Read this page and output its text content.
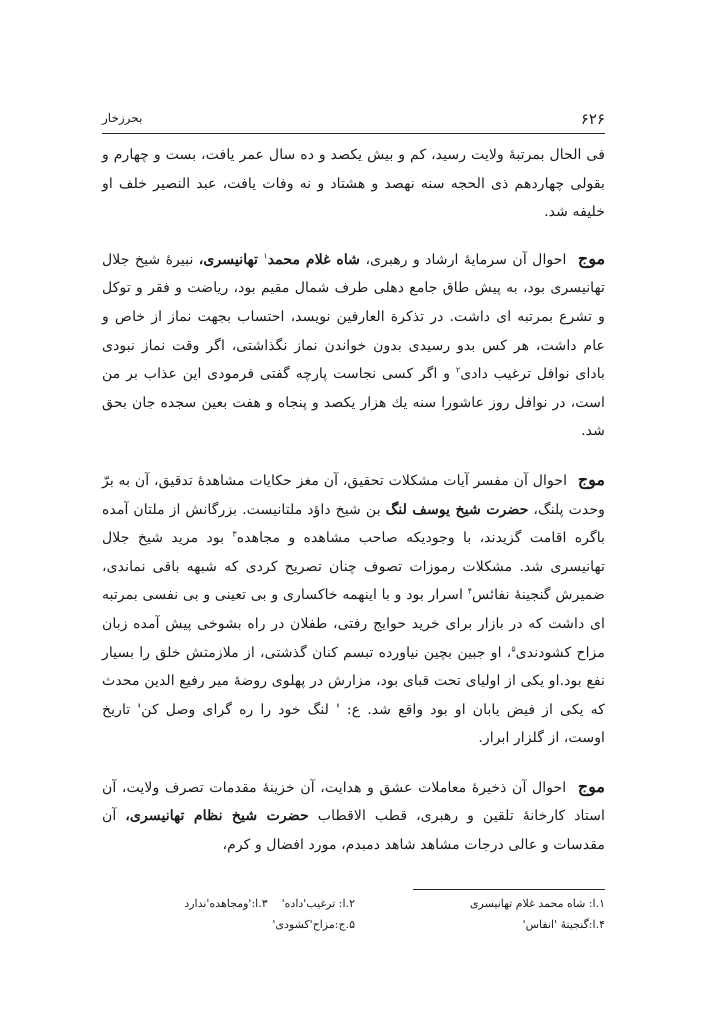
۶۲۶
بحرزخار

فی الحال بمرتبهٔ ولایت رسید، کم و بیش یکصد و ده سال عمر یافت، بست و چهارم و بقولی چهاردهم ذی الحجه سنه نهصد و هشتاد و نه وفات یافت، عبد النصیر خلف او خلیفه شد.

موج احوال آن سرمایهٔ ارشاد و رهبری، شاه غلام محمد$^۱$ تهانیسری، نبیرهٔ شیخ جلال تهانیسری بود، به پیش طاق جامع دهلی طرف شمال مقیم بود، ریاضت و فقر و توکل و تشرع بمرتبه ای داشت. در تذکرة العارفین نویسد، احتساب بجهت نماز از خاص و عام داشت، هر کس بدو رسیدی بدون خواندن نماز نگذاشتی، اگر وقت نماز نبودی بادای نوافل ترغیب دادی$^۲$ و اگر کسی نجاست پارچه گفتی فرمودی این عذاب بر من است، در نوافل روز عاشورا سنه یك هزار یکصد و پنجاه و هفت بعین سجده جان بحق شد.

موج احوال آن مفسر آیات مشکلات تحقیق، آن مغز حکایات مشاهدهٔ تدقیق، آن به برّ وحدت پلنگ، حضرت شیخ یوسف لنگ بن شیخ داؤد ملتانیست. بزرگانش از ملتان آمده باگره اقامت گزیدند، با وجودیکه صاحب مشاهده و مجاهده$^۳$ بود مرید شیخ جلال تهانیسری شد. مشکلات رموزات تصوف چنان تصریح کردی که شبهه باقی نماندی، ضمیرش گنجینهٔ نفائس$^۴$ اسرار بود و با اینهمه خاکساری و بی تعینی و بی نفسی بمرتبه ای داشت که در بازار برای خرید حوایج رفتی، طفلان در راه بشوخی پیش آمده زبان مزاح کشودندی$^۵$، او جبین بچین نیاورده تبسم کنان گذشتی، از ملازمتش خلق را بسیار نفع بود.او یکی از اولیای تحت قبای بود، مزارش در پهلوی روضهٔ میر رفیع الدین محدث که یکی از فیض یابان او بود واقع شد. ع: ' لنگ خود را ره گرای وصل کن' تاریخ اوست، از گلزار ابرار.

موج احوال آن ذخیرهٔ معاملات عشق و هدایت، آن خزینهٔ مقدمات تصرف ولایت، آن استاد کارخانهٔ تلقین و رهبری، قطب الاقطاب حضرت شیخ نظام تهانیسری، آن مقدسات و عالی درجات مشاهد شاهد دمبدم، مورد افضال و کرم،

۱.ا: شاه محمد غلام تهانیسری
۲.ا: ترغیب'داده'    ۳.ا:'ومجاهده'ندارد
۴.ا:گنجینهٔ 'انفاس'
۵.ج:مزاح'کشودی'
